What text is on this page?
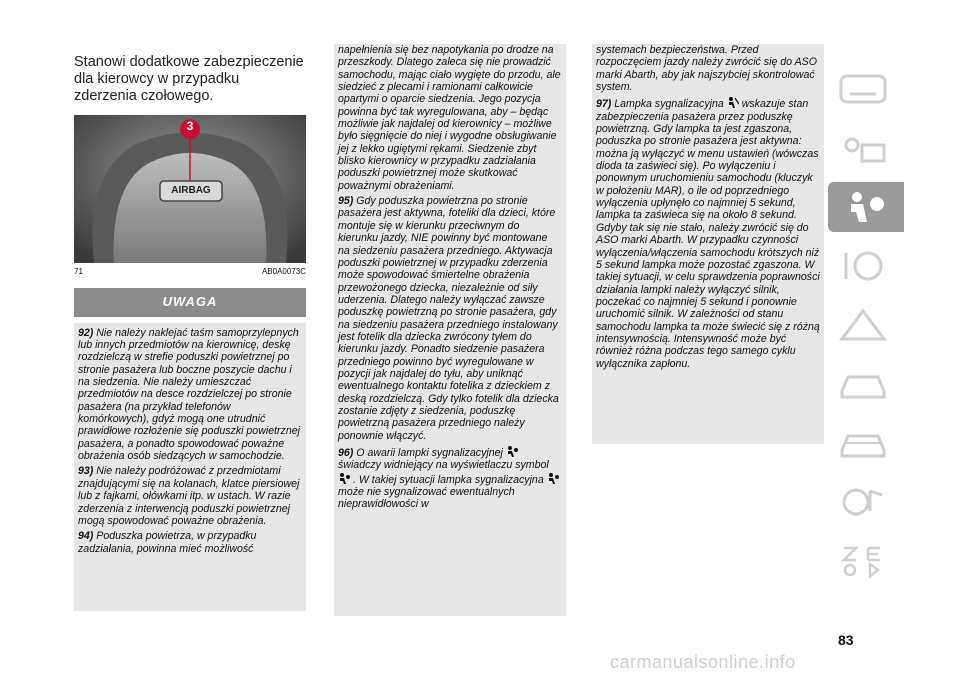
Stanowi dodatkowe zabezpieczenie dla kierowcy w przypadku zderzenia czołowego.
3
AIRBAG
71	AB0A0073C
UWAGA

92) Nie należy naklejać taśm samoprzylepnych lub innych przedmiotów na kierownicę, deskę rozdzielczą w strefie poduszki powietrznej po stronie pasażera lub boczne poszycie dachu i na siedzenia. Nie należy umieszczać przedmiotów na desce rozdzielczej po stronie pasażera (na przykład telefonów komórkowych), gdyż mogą one utrudnić prawidłowe rozłożenie się poduszki powietrznej pasażera, a ponadto spowodować poważne obrażenia osób siedzących w samochodzie.

93) Nie należy podróżować z przedmiotami znajdującymi się na kolanach, klatce piersiowej lub z fajkami, ołówkami itp. w ustach. W razie zderzenia z interwencją poduszki powietrznej mogą spowodować poważne obrażenia.

94) Poduszka powietrza, w przypadku zadziałania, powinna mieć możliwość

napełnienia się bez napotykania po drodze na przeszkody. Dlatego zaleca się nie prowadzić samochodu, mając ciało wygięte do przodu, ale siedzieć z plecami i ramionami całkowicie opartymi o oparcie siedzenia. Jego pozycja powinna być tak wyregulowana, aby – będąc możliwie jak najdalej od kierownicy – możliwe było sięgnięcie do niej i wygodne obsługiwanie jej z lekko ugiętymi rękami. Siedzenie zbyt blisko kierownicy w przypadku zadziałania poduszki powietrznej może skutkować poważnymi obrażeniami.

95) Gdy poduszka powietrzna po stronie pasażera jest aktywna, foteliki dla dzieci, które montuje się w kierunku przeciwnym do kierunku jazdy, NIE powinny być montowane na siedzeniu pasażera przedniego. Aktywacja poduszki powietrznej w przypadku zderzenia może spowodować śmiertelne obrażenia przewożonego dziecka, niezależnie od siły uderzenia. Dlatego należy wyłączać zawsze poduszkę powietrzną po stronie pasażera, gdy na siedzeniu pasażera przedniego instalowany jest fotelik dla dziecka zwrócony tyłem do kierunku jazdy. Ponadto siedzenie pasażera przedniego powinno być wyregulowane w pozycji jak najdalej do tyłu, aby uniknąć ewentualnego kontaktu fotelika z dzieckiem z deską rozdzielczą. Gdy tylko fotelik dla dziecka zostanie zdjęty z siedzenia, poduszkę powietrzną pasażera przedniego należy ponownie włączyć.

96) O awarii lampki sygnalizacyjnej  świadczy widniejący na wyświetlaczu symbol  . W takiej sytuacji lampka sygnalizacyjna  może nie sygnalizować ewentualnych nieprawidłowości w

systemach bezpieczeństwa. Przed rozpoczęciem jazdy należy zwrócić się do ASO marki Abarth, aby jak najszybciej skontrolować system.

97) Lampka sygnalizacyjna wskazuje stan zabezpieczenia pasażera przez poduszkę powietrzną. Gdy lampka ta jest zgaszona, poduszka po stronie pasażera jest aktywna: można ją wyłączyć w menu ustawień (wówczas dioda ta zaświeci się). Po wyłączeniu i ponownym uruchomieniu samochodu (kluczyk w położeniu MAR), o ile od poprzedniego wyłączenia upłynęło co najmniej 5 sekund, lampka ta zaświeca się na około 8 sekund. Gdyby tak się nie stało, należy zwrócić się do ASO marki Abarth. W przypadku czynności wyłączenia/włączenia samochodu krótszych niż 5 sekund lampka może pozostać zgaszona. W takiej sytuacji, w celu sprawdzenia poprawności działania lampki należy wyłączyć silnik, poczekać co najmniej 5 sekund i ponownie uruchomić silnik. W zależności od stanu samochodu lampka ta może świecić się z różną intensywnością. Intensywność może być również różna podczas tego samego cyklu wyłącznika zapłonu.

83
carmanualsonline.info
